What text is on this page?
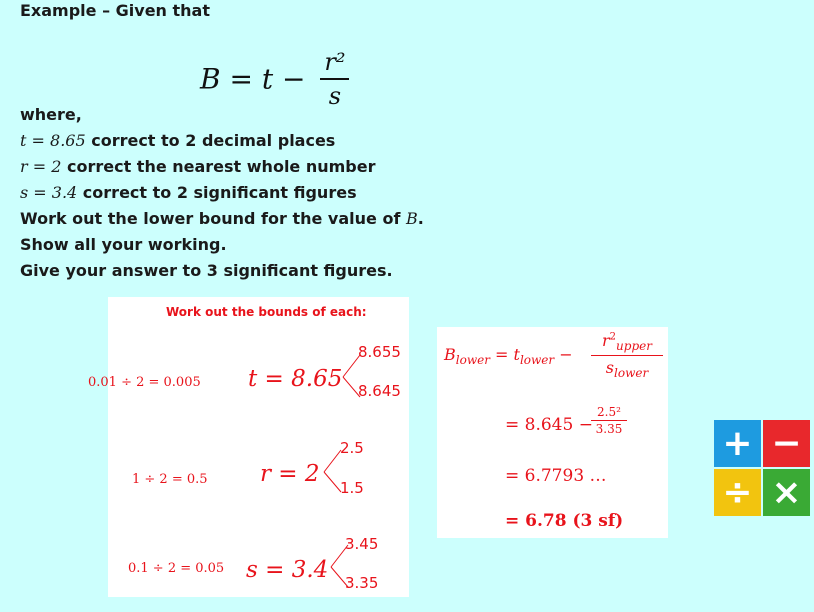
Example – Given that
$B = t - \frac{\text{r²}}{s}$
where,
t = 8.65 correct to 2 decimal places
r = 2 correct the nearest whole number
s = 3.4 correct to 2 significant figures
Work out the lower bound for the value of B.
Show all your working.
Give your answer to 3 significant figures.
Work out the bounds of each:
0.01 ÷ 2 = 0.005 t = 8.65
8.655
8.645
1 ÷ 2 = 0.5 r = 2
2.5
1.5
0.1 ÷ 2 = 0.05 s = 3.4
3.45
3.35
$B_{lower} = t_{lower}$ −
$r^2_{upper}$
$s_{lower}$
= 8.645 −
$\frac{\text{2.5²}}{3.35}$
= 6.7793 …
= 6.78 (3 sf)
+ −
÷ ×
